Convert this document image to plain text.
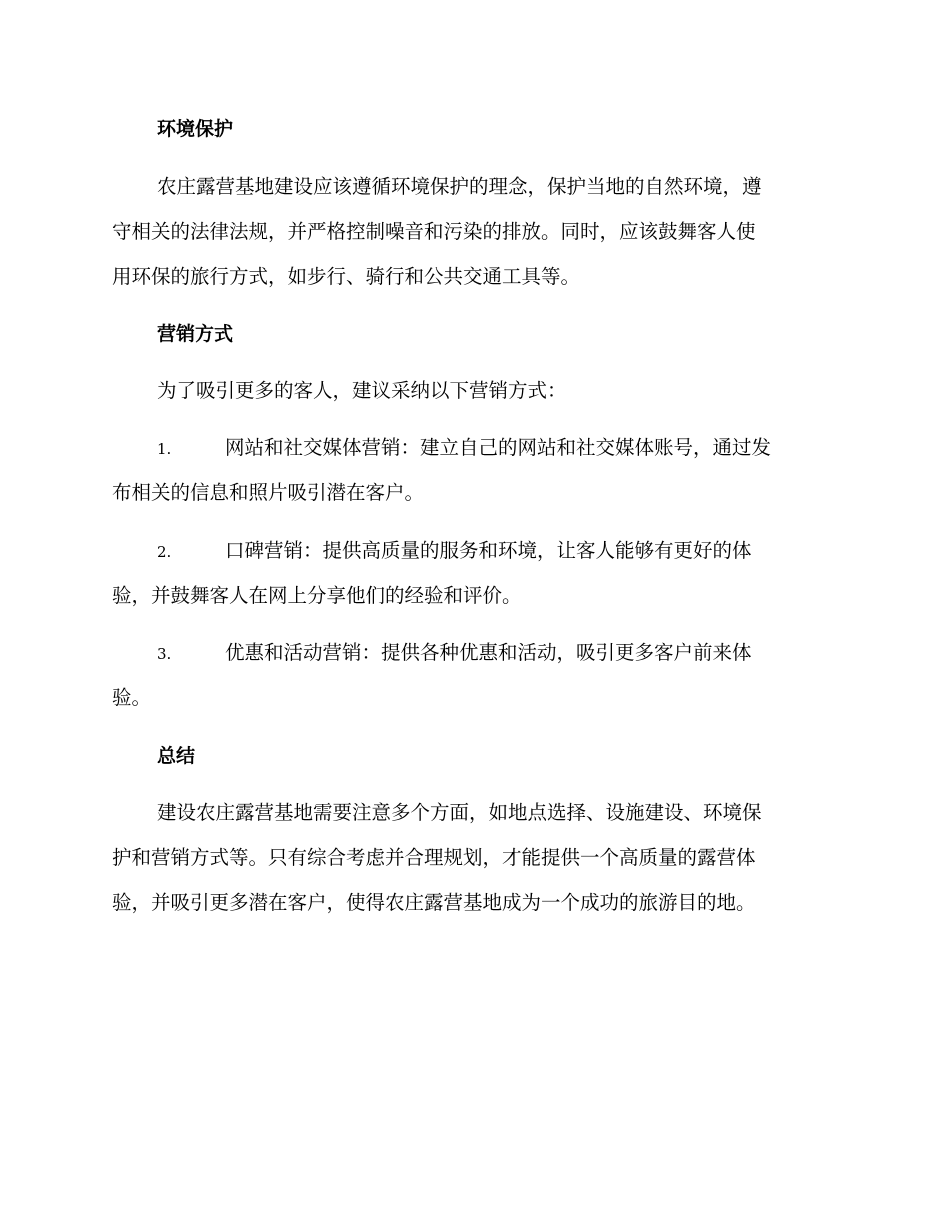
环境保护
农庄露营基地建设应该遵循环境保护的理念，保护当地的自然环境，遵
守相关的法律法规，并严格控制噪音和污染的排放。同时，应该鼓舞客人使
用环保的旅行方式，如步行、骑行和公共交通工具等。
营销方式
为了吸引更多的客人，建议采纳以下营销方式：
1.	网站和社交媒体营销：建立自己的网站和社交媒体账号，通过发
布相关的信息和照片吸引潜在客户。
2.	口碑营销：提供高质量的服务和环境，让客人能够有更好的体
验，并鼓舞客人在网上分享他们的经验和评价。
3.	优惠和活动营销：提供各种优惠和活动，吸引更多客户前来体
验。
总结
建设农庄露营基地需要注意多个方面，如地点选择、设施建设、环境保
护和营销方式等。只有综合考虑并合理规划，才能提供一个高质量的露营体
验，并吸引更多潜在客户，使得农庄露营基地成为一个成功的旅游目的地。
